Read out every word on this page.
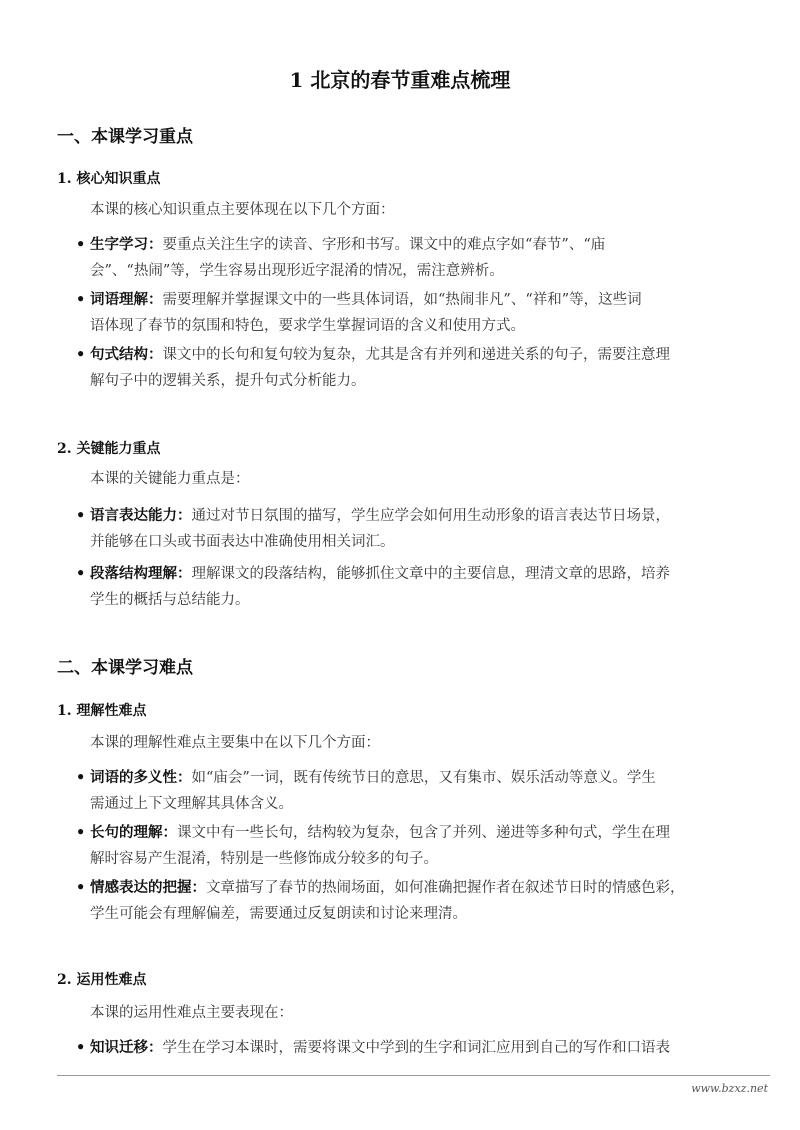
1 北京的春节重难点梳理
一、本课学习重点
1. 核心知识重点
本课的核心知识重点主要体现在以下几个方面：
• 生字学习：要重点关注生字的读音、字形和书写。课文中的难点字如“春节”、“庙
会”、“热闹”等，学生容易出现形近字混淆的情况，需注意辨析。
• 词语理解：需要理解并掌握课文中的一些具体词语，如“热闹非凡”、“祥和”等，这些词
语体现了春节的氛围和特色，要求学生掌握词语的含义和使用方式。
• 句式结构：课文中的长句和复句较为复杂，尤其是含有并列和递进关系的句子，需要注意理
解句子中的逻辑关系，提升句式分析能力。
2. 关键能力重点
本课的关键能力重点是：
• 语言表达能力：通过对节日氛围的描写，学生应学会如何用生动形象的语言表达节日场景，
并能够在口头或书面表达中准确使用相关词汇。
• 段落结构理解：理解课文的段落结构，能够抓住文章中的主要信息，理清文章的思路，培养
学生的概括与总结能力。
二、本课学习难点
1. 理解性难点
本课的理解性难点主要集中在以下几个方面：
• 词语的多义性：如“庙会”一词，既有传统节日的意思，又有集市、娱乐活动等意义。学生
需通过上下文理解其具体含义。
• 长句的理解：课文中有一些长句，结构较为复杂，包含了并列、递进等多种句式，学生在理
解时容易产生混淆，特别是一些修饰成分较多的句子。
• 情感表达的把握：文章描写了春节的热闹场面，如何准确把握作者在叙述节日时的情感色彩，
学生可能会有理解偏差，需要通过反复朗读和讨论来理清。
2. 运用性难点
本课的运用性难点主要表现在：
• 知识迁移：学生在学习本课时，需要将课文中学到的生字和词汇应用到自己的写作和口语表
www.bzxz.net
